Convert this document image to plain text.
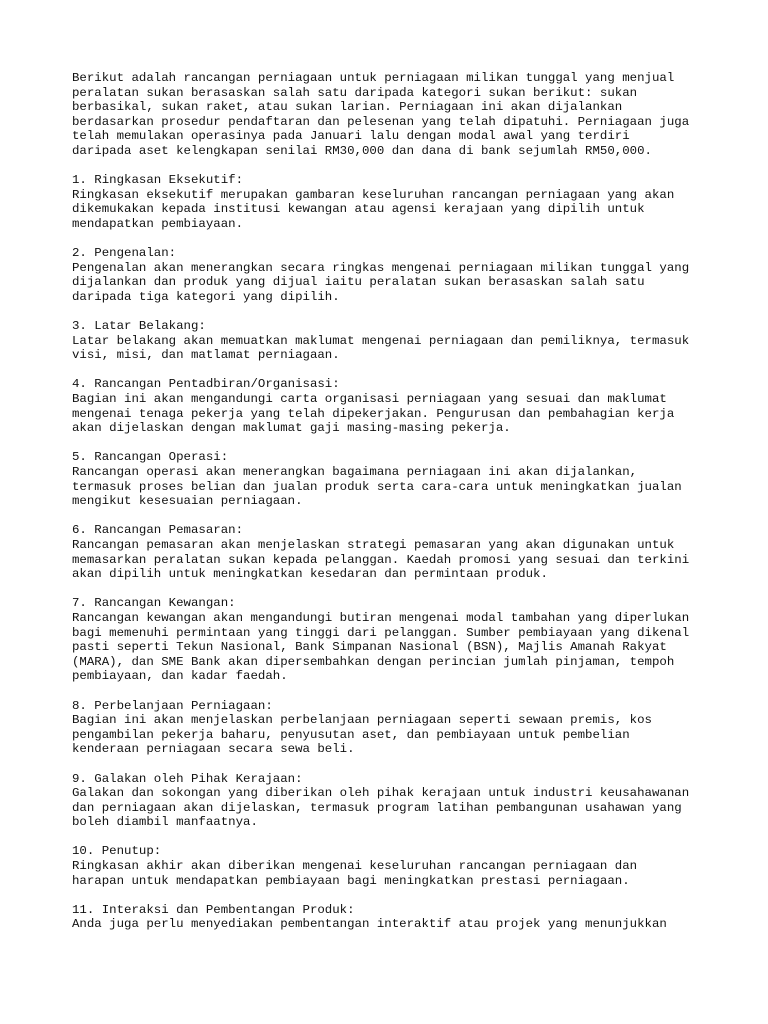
Berikut adalah rancangan perniagaan untuk perniagaan milikan tunggal yang menjual
peralatan sukan berasaskan salah satu daripada kategori sukan berikut: sukan
berbasikal, sukan raket, atau sukan larian. Perniagaan ini akan dijalankan
berdasarkan prosedur pendaftaran dan pelesenan yang telah dipatuhi. Perniagaan juga
telah memulakan operasinya pada Januari lalu dengan modal awal yang terdiri
daripada aset kelengkapan senilai RM30,000 dan dana di bank sejumlah RM50,000.

1. Ringkasan Eksekutif:
Ringkasan eksekutif merupakan gambaran keseluruhan rancangan perniagaan yang akan
dikemukakan kepada institusi kewangan atau agensi kerajaan yang dipilih untuk
mendapatkan pembiayaan.
2. Pengenalan:
Pengenalan akan menerangkan secara ringkas mengenai perniagaan milikan tunggal yang
dijalankan dan produk yang dijual iaitu peralatan sukan berasaskan salah satu
daripada tiga kategori yang dipilih.
3. Latar Belakang:
Latar belakang akan memuatkan maklumat mengenai perniagaan dan pemiliknya, termasuk
visi, misi, dan matlamat perniagaan.
4. Rancangan Pentadbiran/Organisasi:
Bagian ini akan mengandungi carta organisasi perniagaan yang sesuai dan maklumat
mengenai tenaga pekerja yang telah dipekerjakan. Pengurusan dan pembahagian kerja
akan dijelaskan dengan maklumat gaji masing-masing pekerja.
5. Rancangan Operasi:
Rancangan operasi akan menerangkan bagaimana perniagaan ini akan dijalankan,
termasuk proses belian dan jualan produk serta cara-cara untuk meningkatkan jualan
mengikut kesesuaian perniagaan.
6. Rancangan Pemasaran:
Rancangan pemasaran akan menjelaskan strategi pemasaran yang akan digunakan untuk
memasarkan peralatan sukan kepada pelanggan. Kaedah promosi yang sesuai dan terkini
akan dipilih untuk meningkatkan kesedaran dan permintaan produk.
7. Rancangan Kewangan:
Rancangan kewangan akan mengandungi butiran mengenai modal tambahan yang diperlukan
bagi memenuhi permintaan yang tinggi dari pelanggan. Sumber pembiayaan yang dikenal
pasti seperti Tekun Nasional, Bank Simpanan Nasional (BSN), Majlis Amanah Rakyat
(MARA), dan SME Bank akan dipersembahkan dengan perincian jumlah pinjaman, tempoh
pembiayaan, dan kadar faedah.
8. Perbelanjaan Perniagaan:
Bagian ini akan menjelaskan perbelanjaan perniagaan seperti sewaan premis, kos
pengambilan pekerja baharu, penyusutan aset, dan pembiayaan untuk pembelian
kenderaan perniagaan secara sewa beli.
9. Galakan oleh Pihak Kerajaan:
Galakan dan sokongan yang diberikan oleh pihak kerajaan untuk industri keusahawanan
dan perniagaan akan dijelaskan, termasuk program latihan pembangunan usahawan yang
boleh diambil manfaatnya.
10. Penutup:
Ringkasan akhir akan diberikan mengenai keseluruhan rancangan perniagaan dan
harapan untuk mendapatkan pembiayaan bagi meningkatkan prestasi perniagaan.
11. Interaksi dan Pembentangan Produk:
Anda juga perlu menyediakan pembentangan interaktif atau projek yang menunjukkan
